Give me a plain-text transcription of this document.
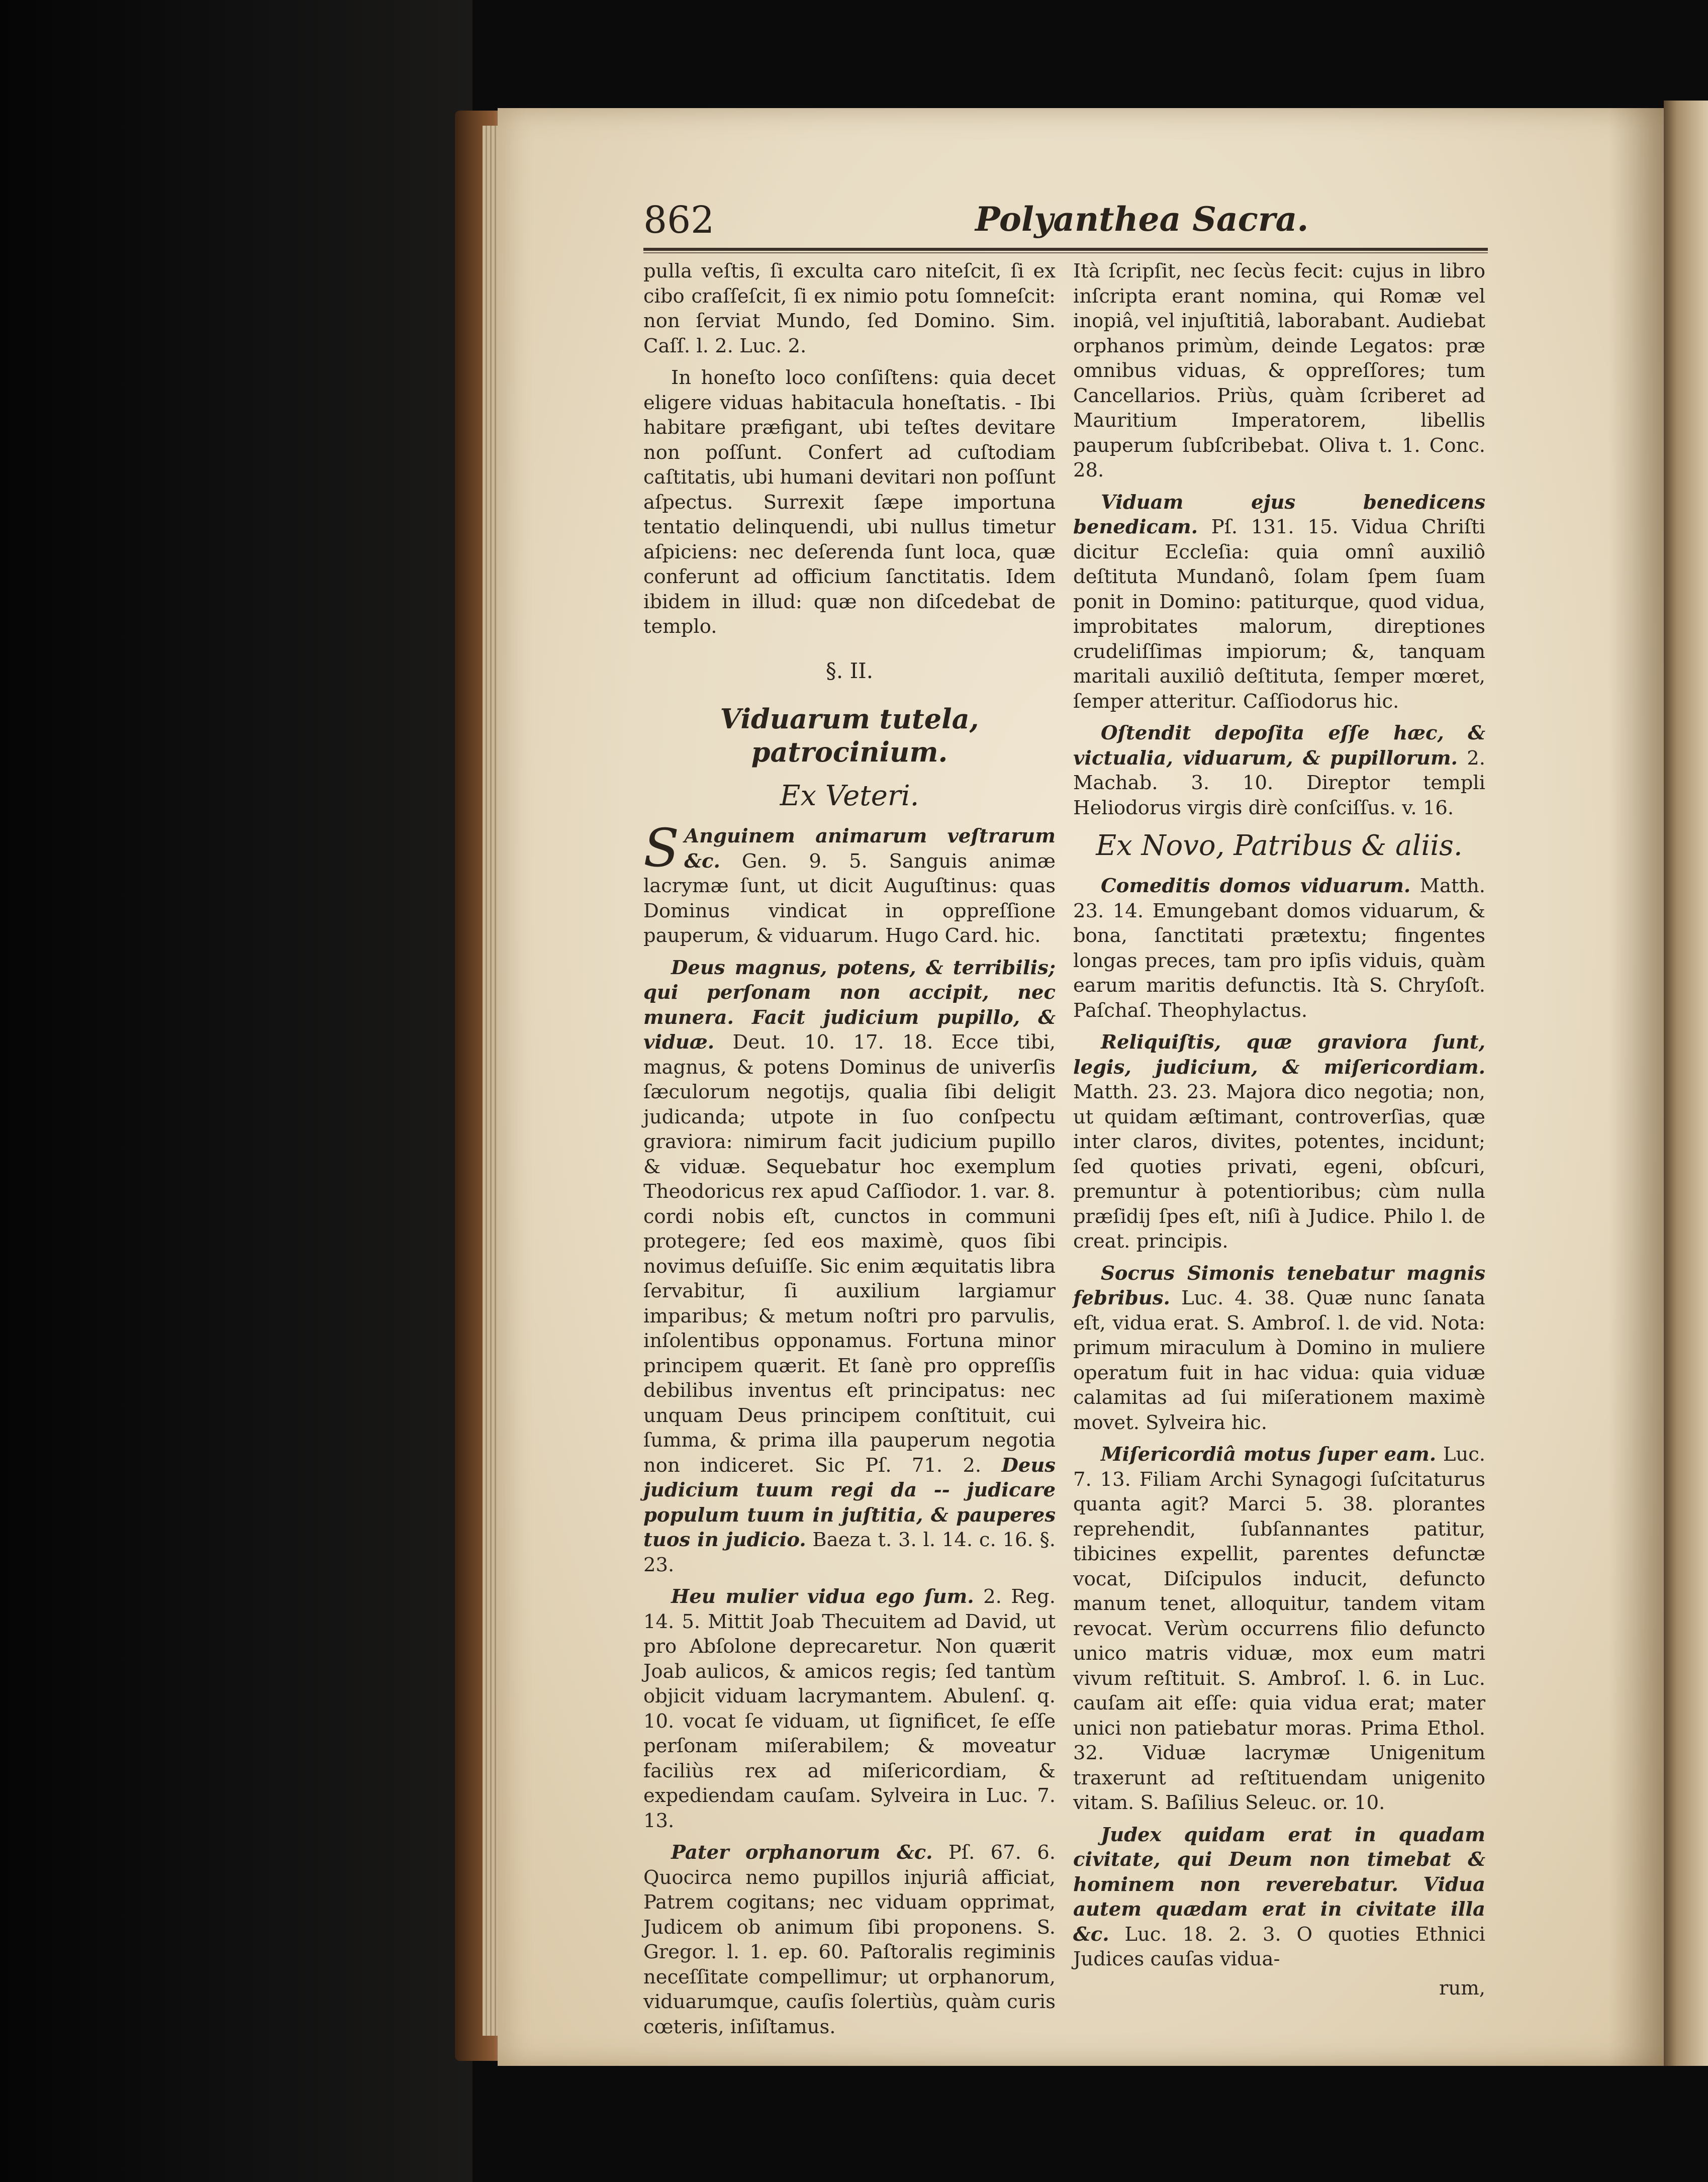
862	Polyanthea Sacra.

pulla veſtis, ſi exculta caro niteſcit, ſi ex cibo craſſeſcit, ſi ex nimio potu ſomneſcit: non ſerviat Mundo, ſed Domino. Sim. Caſſ. l. 2. Luc. 2.

In honeſto loco conſiſtens: quia decet eligere viduas habitacula honeſtatis. - Ibi habitare præfigant, ubi teſtes devitare non poſſunt. Confert ad cuſtodiam caſtitatis, ubi humani devitari non poſſunt aſpectus. Surrexit ſæpe importuna tentatio delinquendi, ubi nullus timetur aſpiciens: nec deſerenda ſunt loca, quæ conferunt ad officium ſanctitatis. Idem ibidem in illud: quæ non diſcedebat de templo.

§. II.
Viduarum tutela, patrocinium.
Ex Veteri.

S Anguinem animarum veſtrarum &c. Gen. 9. 5. Sanguis animæ lacrymæ ſunt, ut dicit Auguſtinus: quas Dominus vindicat in oppreſſione pauperum, & viduarum. Hugo Card. hic.

Deus magnus, potens, & terribilis; qui perſonam non accipit, nec munera. Facit judicium pupillo, & viduæ. Deut. 10. 17. 18. Ecce tibi, magnus, & potens Dominus de univerſis ſæculorum negotijs, qualia ſibi deligit judicanda; utpote in ſuo conſpectu graviora: nimirum facit judicium pupillo & viduæ. Sequebatur hoc exemplum Theodoricus rex apud Caſſiodor. 1. var. 8. cordi nobis eſt, cunctos in communi protegere; ſed eos maximè, quos ſibi novimus deſuiſſe. Sic enim æquitatis libra ſervabitur, ſi auxilium largiamur imparibus; & metum noſtri pro parvulis, inſolentibus opponamus. Fortuna minor principem quærit. Et ſanè pro oppreſſis debilibus inventus eſt principatus: nec unquam Deus principem conſtituit, cui ſumma, & prima illa pauperum negotia non indiceret. Sic Pſ. 71. 2. Deus judicium tuum regi da -- judicare populum tuum in juſtitia, & pauperes tuos in judicio. Baeza t. 3. l. 14. c. 16. §. 23.

Heu mulier vidua ego ſum. 2. Reg. 14. 5. Mittit Joab Thecuitem ad David, ut pro Abſolone deprecaretur. Non quærit Joab aulicos, & amicos regis; ſed tantùm objicit viduam lacrymantem. Abulenſ. q. 10. vocat ſe viduam, ut ſignificet, ſe eſſe perſonam miſerabilem; & moveatur faciliùs rex ad miſericordiam, & expediendam cauſam. Sylveira in Luc. 7. 13.

Pater orphanorum &c. Pſ. 67. 6. Quocirca nemo pupillos injuriâ afficiat, Patrem cogitans; nec viduam opprimat, Judicem ob animum ſibi proponens. S. Gregor. l. 1. ep. 60. Paſtoralis regiminis neceſſitate compellimur; ut orphanorum, viduarumque, cauſis ſolertiùs, quàm curis cœteris, inſiſtamus.

Ità ſcripſit, nec ſecùs fecit: cujus in libro inſcripta erant nomina, qui Romæ vel inopiâ, vel injuſtitiâ, laborabant. Audiebat orphanos primùm, deinde Legatos: præ omnibus viduas, & oppreſſores; tum Cancellarios. Priùs, quàm ſcriberet ad Mauritium Imperatorem, libellis pauperum ſubſcribebat. Oliva t. 1. Conc. 28.

Viduam ejus benedicens benedicam. Pſ. 131. 15. Vidua Chriſti dicitur Eccleſia: quia omnî auxiliô deſtituta Mundanô, ſolam ſpem ſuam ponit in Domino: patiturque, quod vidua, improbitates malorum, direptiones crudeliſſimas impiorum; &, tanquam maritali auxiliô deſtituta, ſemper mœret, ſemper atteritur. Caſſiodorus hic.

Oſtendit depoſita eſſe hæc, & victualia, viduarum, & pupillorum. 2. Machab. 3. 10. Direptor templi Heliodorus virgis dirè conſciſſus. v. 16.

Ex Novo, Patribus & aliis.

Comeditis domos viduarum. Matth. 23. 14. Emungebant domos viduarum, & bona, ſanctitati prætextu; fingentes longas preces, tam pro ipſis viduis, quàm earum maritis defunctis. Ità S. Chryſoſt. Paſchaſ. Theophylactus.

Reliquiſtis, quæ graviora ſunt, legis, judicium, & miſericordiam. Matth. 23. 23. Majora dico negotia; non, ut quidam æſtimant, controverſias, quæ inter claros, divites, potentes, incidunt; ſed quoties privati, egeni, obſcuri, premuntur à potentioribus; cùm nulla præſidij ſpes eſt, niſi à Judice. Philo l. de creat. principis.

Socrus Simonis tenebatur magnis febribus. Luc. 4. 38. Quæ nunc ſanata eſt, vidua erat. S. Ambroſ. l. de vid. Nota: primum miraculum à Domino in muliere operatum fuit in hac vidua: quia viduæ calamitas ad ſui miſerationem maximè movet. Sylveira hic.

Miſericordiâ motus ſuper eam. Luc. 7. 13. Filiam Archi Synagogi ſuſcitaturus quanta agit? Marci 5. 38. plorantes reprehendit, ſubſannantes patitur, tibicines expellit, parentes defunctæ vocat, Diſcipulos inducit, defuncto manum tenet, alloquitur, tandem vitam revocat. Verùm occurrens filio defuncto unico matris viduæ, mox eum matri vivum reſtituit. S. Ambroſ. l. 6. in Luc. cauſam ait eſſe: quia vidua erat; mater unici non patiebatur moras. Prima Ethol. 32. Viduæ lacrymæ Unigenitum traxerunt ad reſtituendam unigenito vitam. S. Baſilius Seleuc. or. 10.

Judex quidam erat in quadam civitate, qui Deum non timebat & hominem non reverebatur. Vidua autem quædam erat in civitate illa &c. Luc. 18. 2. 3. O quoties Ethnici Judices cauſas vidua-

rum,
